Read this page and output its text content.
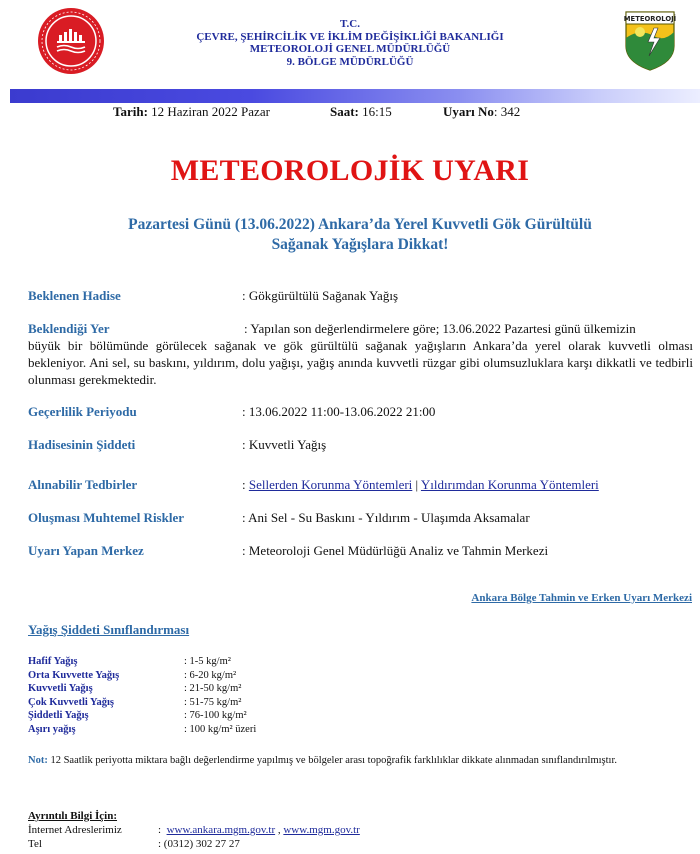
T.C.
ÇEVRE, ŞEHİRCİLİK VE İKLİM DEĞİŞİKLİĞİ BAKANLIĞI
METEOROLOJİ GENEL MÜDÜRLÜĞÜ
9. BÖLGE MÜDÜRLÜĞÜ
METEOROLOJİ
Tarih: 12 Haziran 2022 Pazar	Saat: 16:15	Uyarı No: 342
METEOROLOJİK UYARI
Pazartesi Günü (13.06.2022) Ankara’da Yerel Kuvvetli Gök Gürültülü
Sağanak Yağışlara Dikkat!
Beklenen Hadise	: Gökgürültülü Sağanak Yağış
Beklendiği Yer	: Yapılan son değerlendirmelere göre; 13.06.2022 Pazartesi günü ülkemizin
büyük bir bölümünde görülecek sağanak ve gök gürültülü sağanak yağışların Ankara’da yerel olarak kuvvetli olması bekleniyor. Ani sel, su baskını, yıldırım, dolu yağışı, yağış anında kuvvetli rüzgar gibi olumsuzluklara karşı dikkatli ve tedbirli olunması gerekmektedir.
Geçerlilik Periyodu	: 13.06.2022 11:00-13.06.2022 21:00
Hadisesinin Şiddeti	: Kuvvetli Yağış
Alınabilir Tedbirler	: Sellerden Korunma Yöntemleri | Yıldırımdan Korunma Yöntemleri
Oluşması Muhtemel Riskler	: Ani Sel - Su Baskını - Yıldırım - Ulaşımda Aksamalar
Uyarı Yapan Merkez	: Meteoroloji Genel Müdürlüğü Analiz ve Tahmin Merkezi
Ankara Bölge Tahmin ve Erken Uyarı Merkezi
Yağış Şiddeti Sınıflandırması
Hafif Yağış	: 1-5 kg/m²
Orta Kuvvette Yağış	: 6-20 kg/m²
Kuvvetli Yağış	: 21-50 kg/m²
Çok Kuvvetli Yağış	: 51-75 kg/m²
Şiddetli Yağış	: 76-100 kg/m²
Aşırı yağış	: 100 kg/m² üzeri
Not: 12 Saatlik periyotta miktara bağlı değerlendirme yapılmış ve bölgeler arası topoğrafik farklılıklar dikkate alınmadan sınıflandırılmıştır.
Ayrıntılı Bilgi İçin:
İnternet Adreslerimiz	: www.ankara.mgm.gov.tr , www.mgm.gov.tr
Tel	: (0312) 302 27 27
